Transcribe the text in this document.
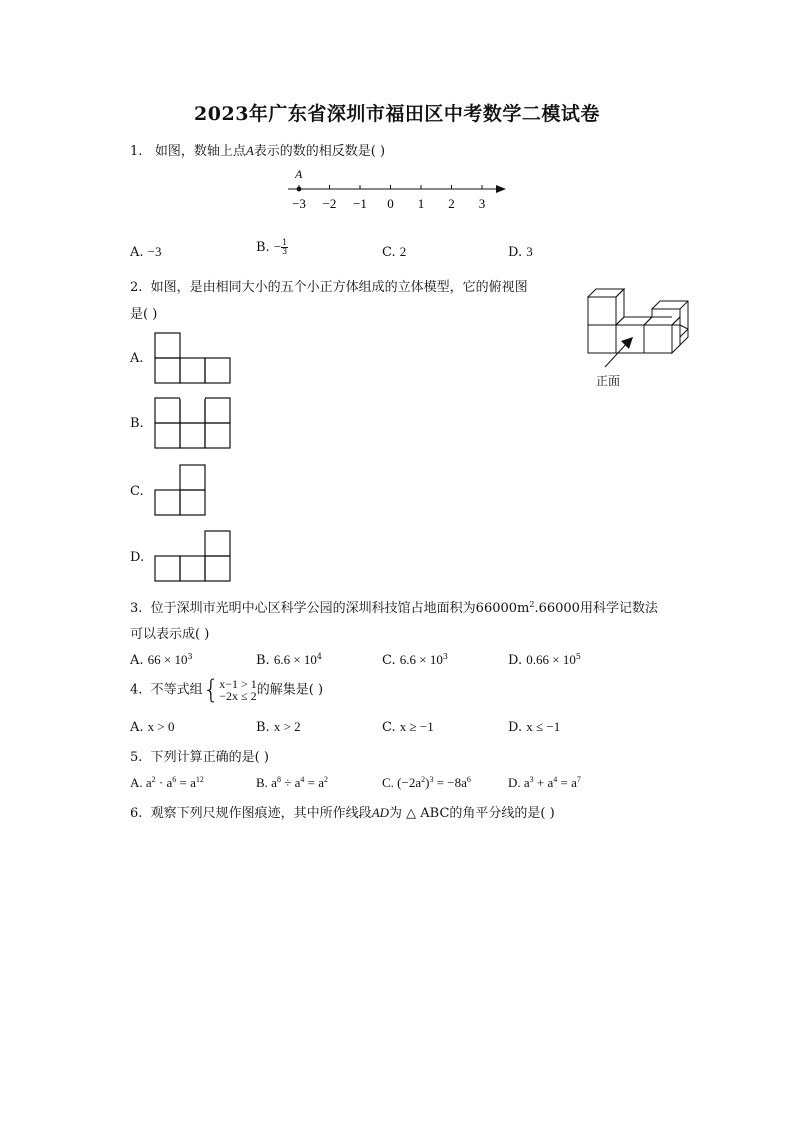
2023年广东省深圳市福田区中考数学二模试卷
1. 如图，数轴上点A表示的数的相反数是( )
−3 −2 −1 0 1 2 3
A
A. −3	B. − $\frac{1}{3}$	C. 2	D. 3
2. 如图，是由相同大小的五个小正方体组成的立体模型，它的俯视图
是( )
正面
A.
B.
C.
D.
3. 位于深圳市光明中心区科学公园的深圳科技馆占地面积为$66000m^2.66000$用科学记数法
可以表示成( )
A. $66 \times 10^3$	B. $6.6 \times 10^4$	C. $6.6 \times 10^3$	D. $0.66 \times 10^5$
4. 不等式组{ x−1 > 1
−2x ≤ 2 的解集是( )
A. x > 0	B. x > 2	C. x ≥ −1	D. x ≤ −1
5. 下列计算正确的是( )
A. $a^2 \cdot a^6 = a^{12}$	B. $a^8 \div a^4 = a^2$	C. $(-2a^2)^3 = -8a^6$	D. $a^3 + a^4 = a^7$
6. 观察下列尺规作图痕迹，其中所作线段AD为 △ ABC的角平分线的是( )
